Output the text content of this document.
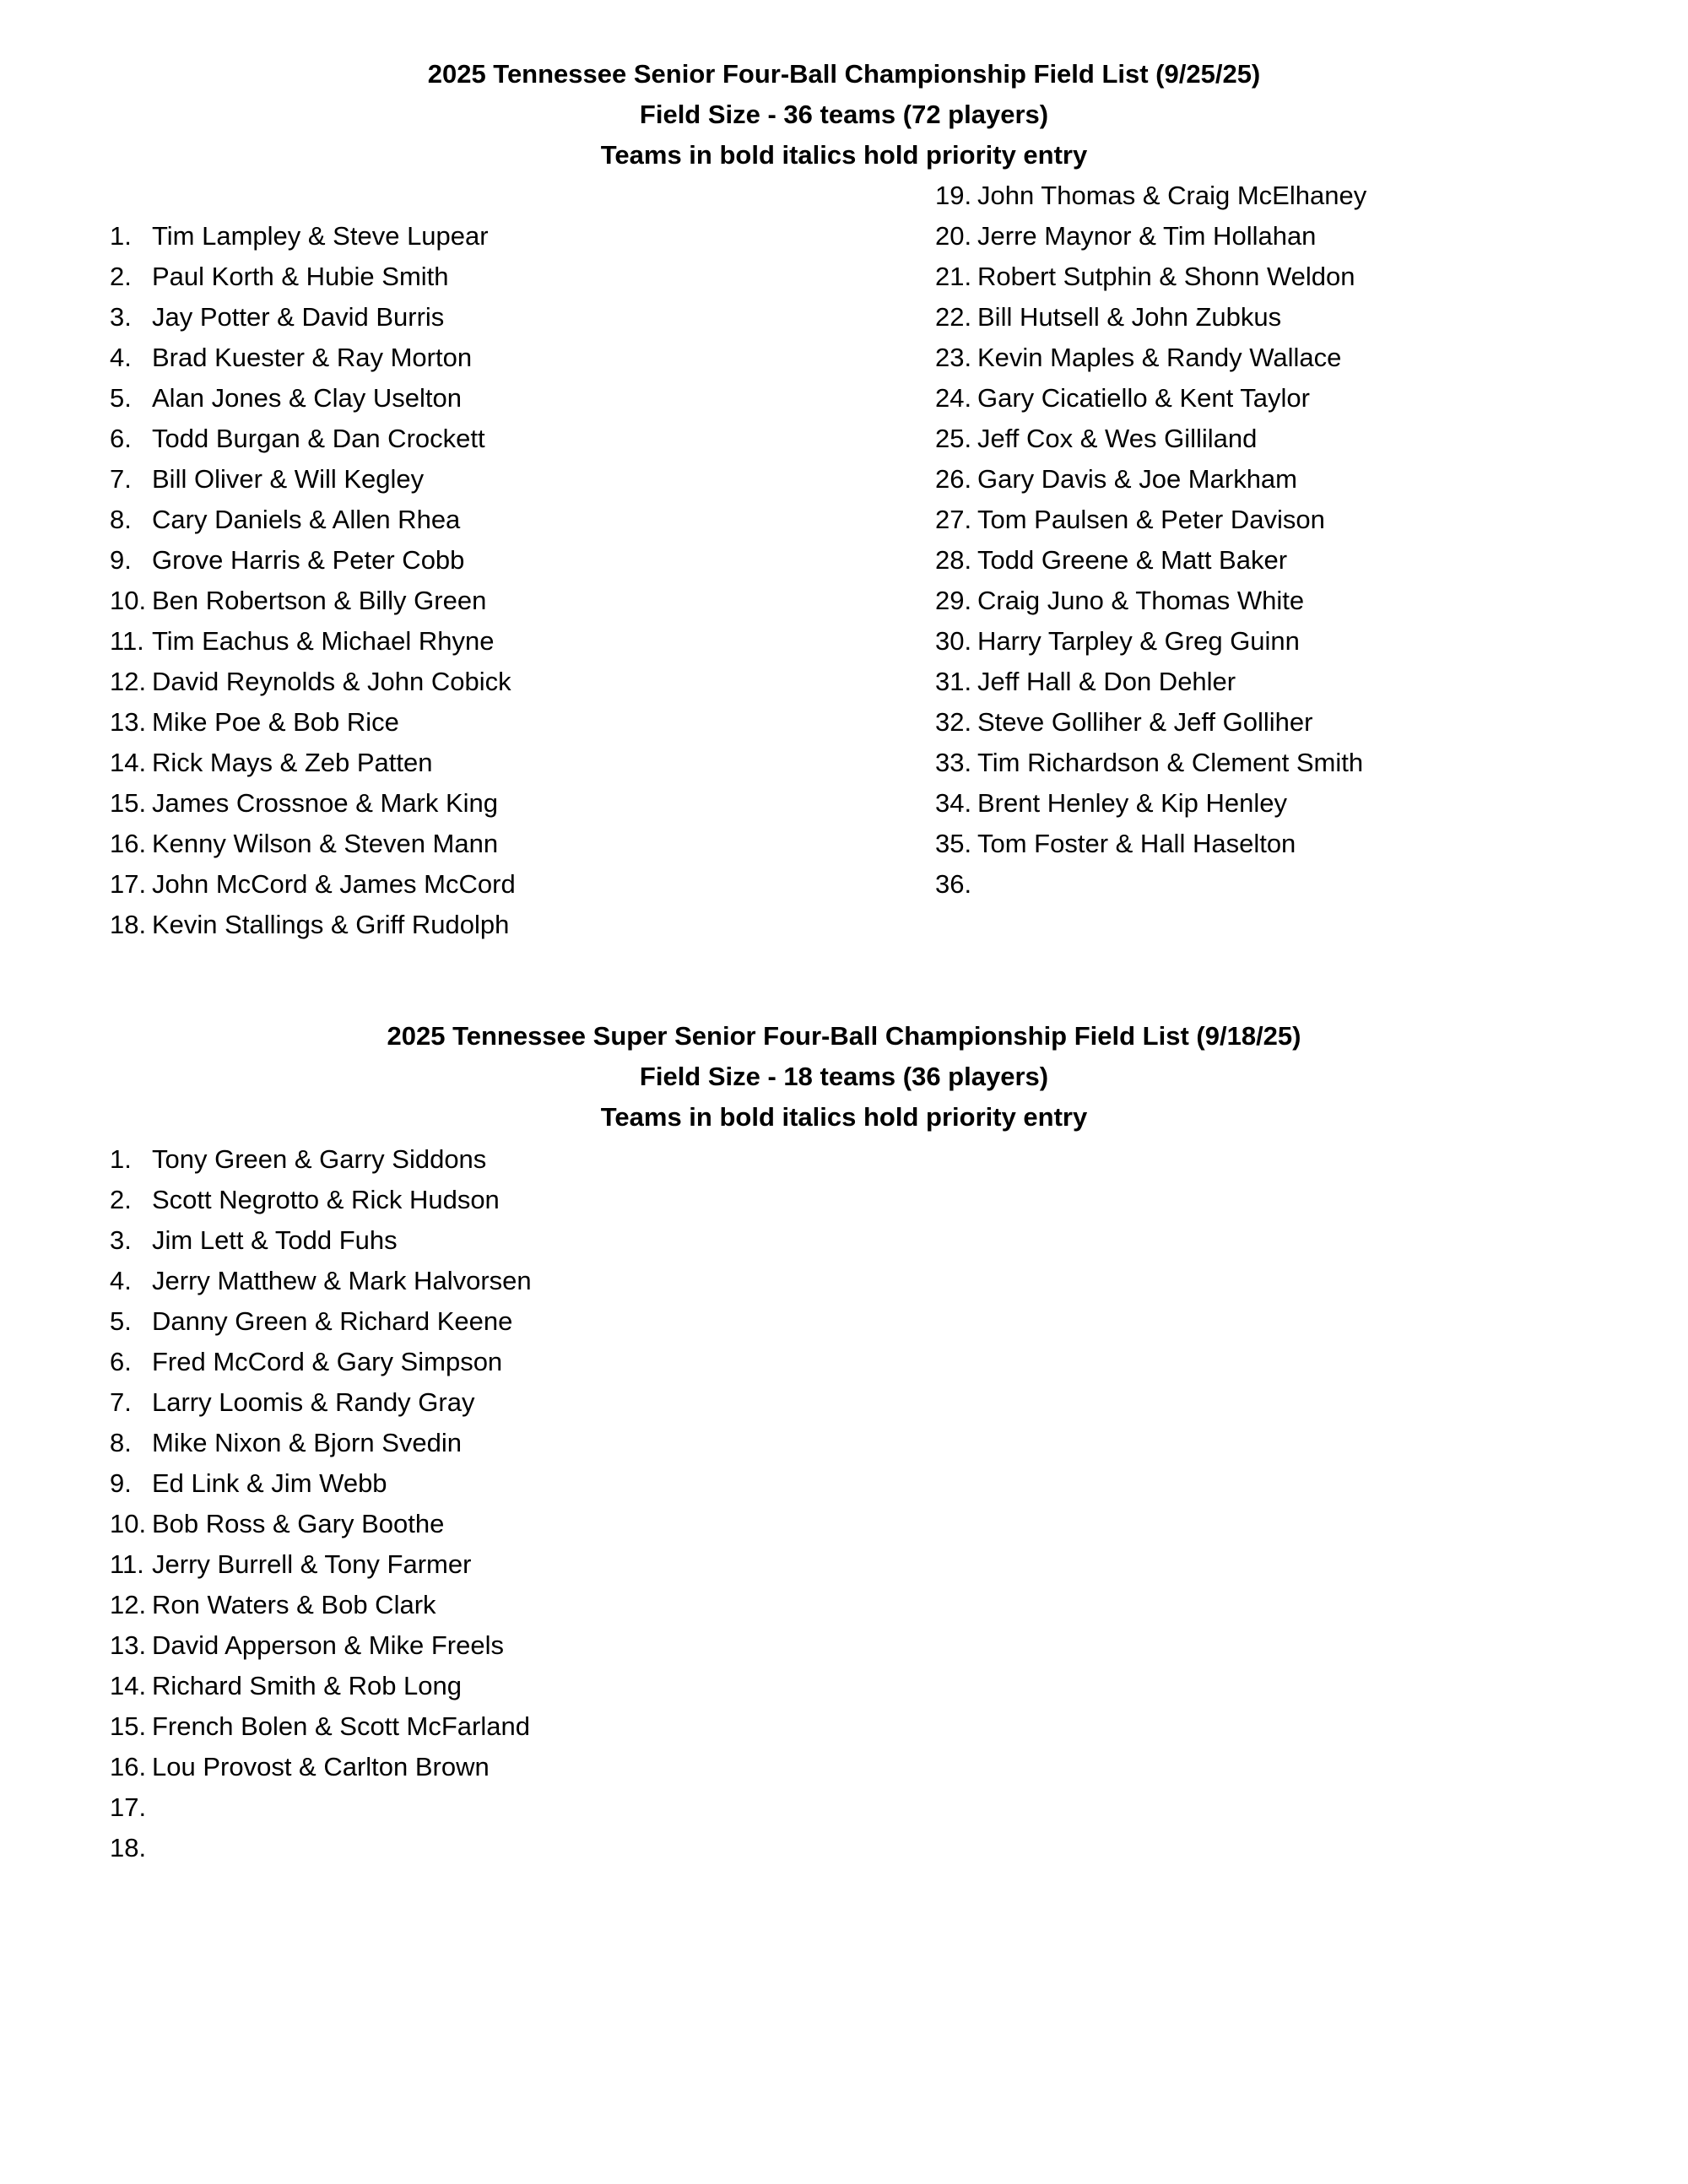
2025 Tennessee Senior Four-Ball Championship Field List (9/25/25)
Field Size - 36 teams (72 players)
Teams in bold italics hold priority entry
1. Tim Lampley & Steve Lupear
2. Paul Korth & Hubie Smith
3. Jay Potter & David Burris
4. Brad Kuester & Ray Morton
5. Alan Jones & Clay Uselton
6. Todd Burgan & Dan Crockett
7. Bill Oliver & Will Kegley
8. Cary Daniels & Allen Rhea
9. Grove Harris & Peter Cobb
10. Ben Robertson & Billy Green
11. Tim Eachus & Michael Rhyne
12. David Reynolds & John Cobick
13. Mike Poe & Bob Rice
14. Rick Mays & Zeb Patten
15. James Crossnoe & Mark King
16. Kenny Wilson & Steven Mann
17. John McCord & James McCord
18. Kevin Stallings & Griff Rudolph
19. John Thomas & Craig McElhaney
20. Jerre Maynor & Tim Hollahan
21. Robert Sutphin & Shonn Weldon
22. Bill Hutsell & John Zubkus
23. Kevin Maples & Randy Wallace
24. Gary Cicatiello & Kent Taylor
25. Jeff Cox & Wes Gilliland
26. Gary Davis & Joe Markham
27. Tom Paulsen & Peter Davison
28. Todd Greene & Matt Baker
29. Craig Juno & Thomas White
30. Harry Tarpley & Greg Guinn
31. Jeff Hall & Don Dehler
32. Steve Golliher & Jeff Golliher
33. Tim Richardson & Clement Smith
34. Brent Henley & Kip Henley
35. Tom Foster & Hall Haselton
36.
2025 Tennessee Super Senior Four-Ball Championship Field List (9/18/25)
Field Size - 18 teams (36 players)
Teams in bold italics hold priority entry
1. Tony Green & Garry Siddons
2. Scott Negrotto & Rick Hudson
3. Jim Lett & Todd Fuhs
4. Jerry Matthew & Mark Halvorsen
5. Danny Green & Richard Keene
6. Fred McCord & Gary Simpson
7. Larry Loomis & Randy Gray
8. Mike Nixon & Bjorn Svedin
9. Ed Link & Jim Webb
10. Bob Ross & Gary Boothe
11. Jerry Burrell & Tony Farmer
12. Ron Waters & Bob Clark
13. David Apperson & Mike Freels
14. Richard Smith & Rob Long
15. French Bolen & Scott McFarland
16. Lou Provost & Carlton Brown
17.
18.
